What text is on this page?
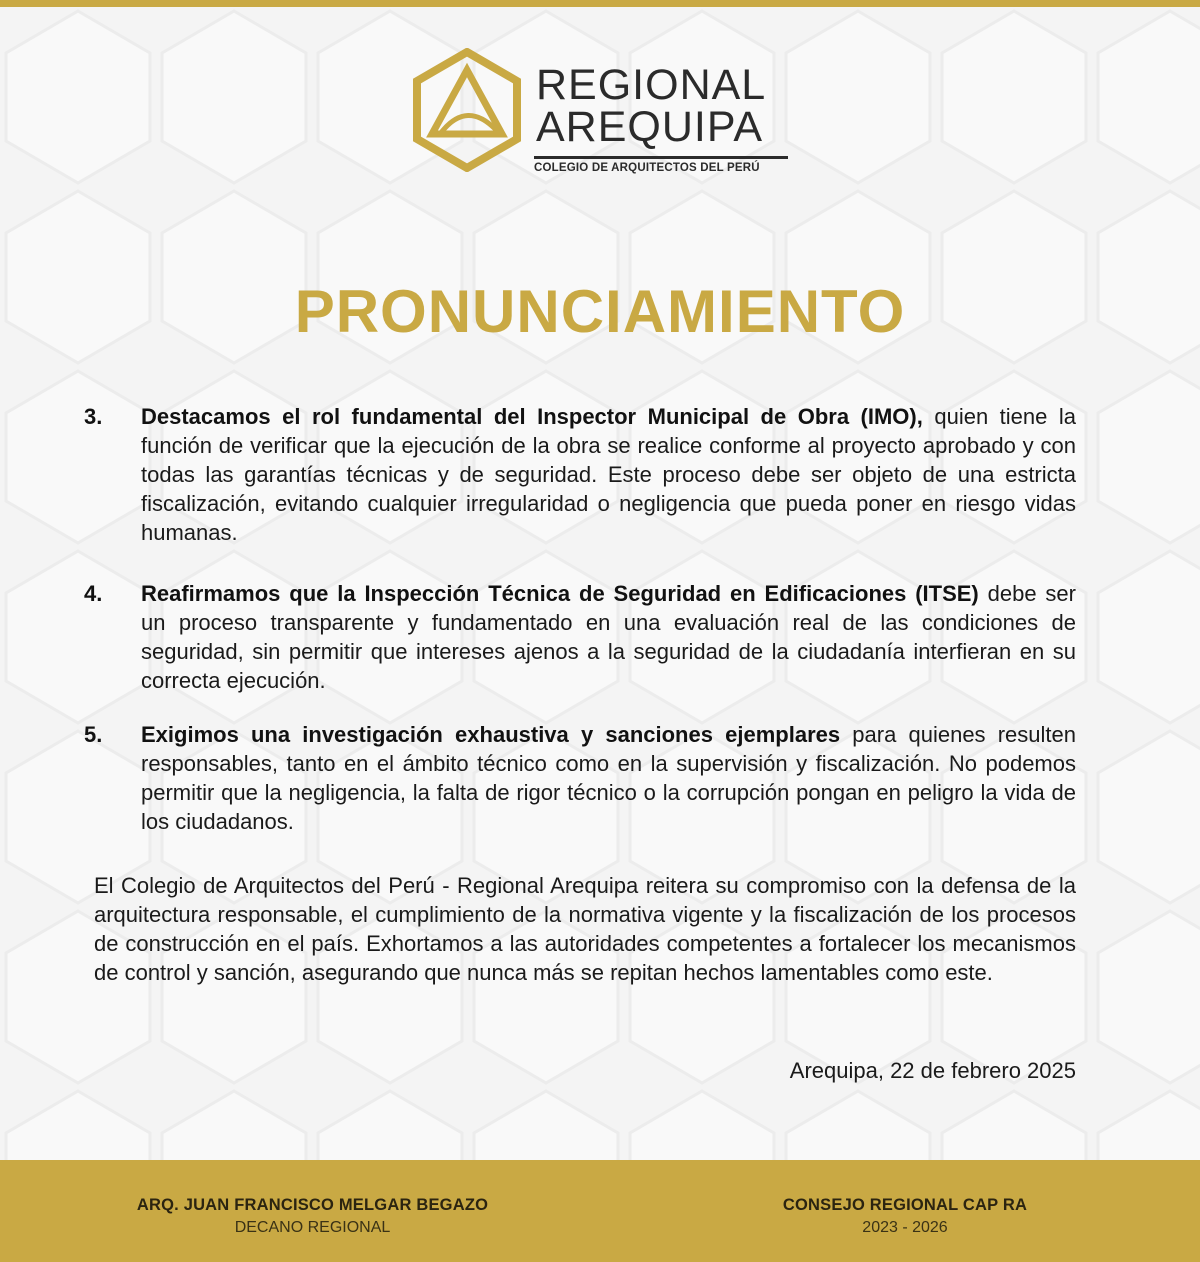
REGIONAL
AREQUIPA
COLEGIO DE ARQUITECTOS DEL PERÚ
PRONUNCIAMIENTO
3. Destacamos el rol fundamental del Inspector Municipal de Obra (IMO), quien tiene la función de verificar que la ejecución de la obra se realice conforme al proyecto aprobado y con todas las garantías técnicas y de seguridad. Este proceso debe ser objeto de una estricta fiscalización, evitando cualquier irregularidad o negligencia que pueda poner en riesgo vidas humanas.
4. Reafirmamos que la Inspección Técnica de Seguridad en Edificaciones (ITSE) debe ser un proceso transparente y fundamentado en una evaluación real de las condiciones de seguridad, sin permitir que intereses ajenos a la seguridad de la ciudadanía interfieran en su correcta ejecución.
5. Exigimos una investigación exhaustiva y sanciones ejemplares para quienes resulten responsables, tanto en el ámbito técnico como en la supervisión y fiscalización. No podemos permitir que la negligencia, la falta de rigor técnico o la corrupción pongan en peligro la vida de los ciudadanos.
El Colegio de Arquitectos del Perú - Regional Arequipa reitera su compromiso con la defensa de la arquitectura responsable, el cumplimiento de la normativa vigente y la fiscalización de los procesos de construcción en el país. Exhortamos a las autoridades competentes a fortalecer los mecanismos de control y sanción, asegurando que nunca más se repitan hechos lamentables como este.
Arequipa, 22 de febrero 2025
ARQ. JUAN FRANCISCO MELGAR BEGAZO
DECANO REGIONAL
CONSEJO REGIONAL CAP RA
2023 - 2026
